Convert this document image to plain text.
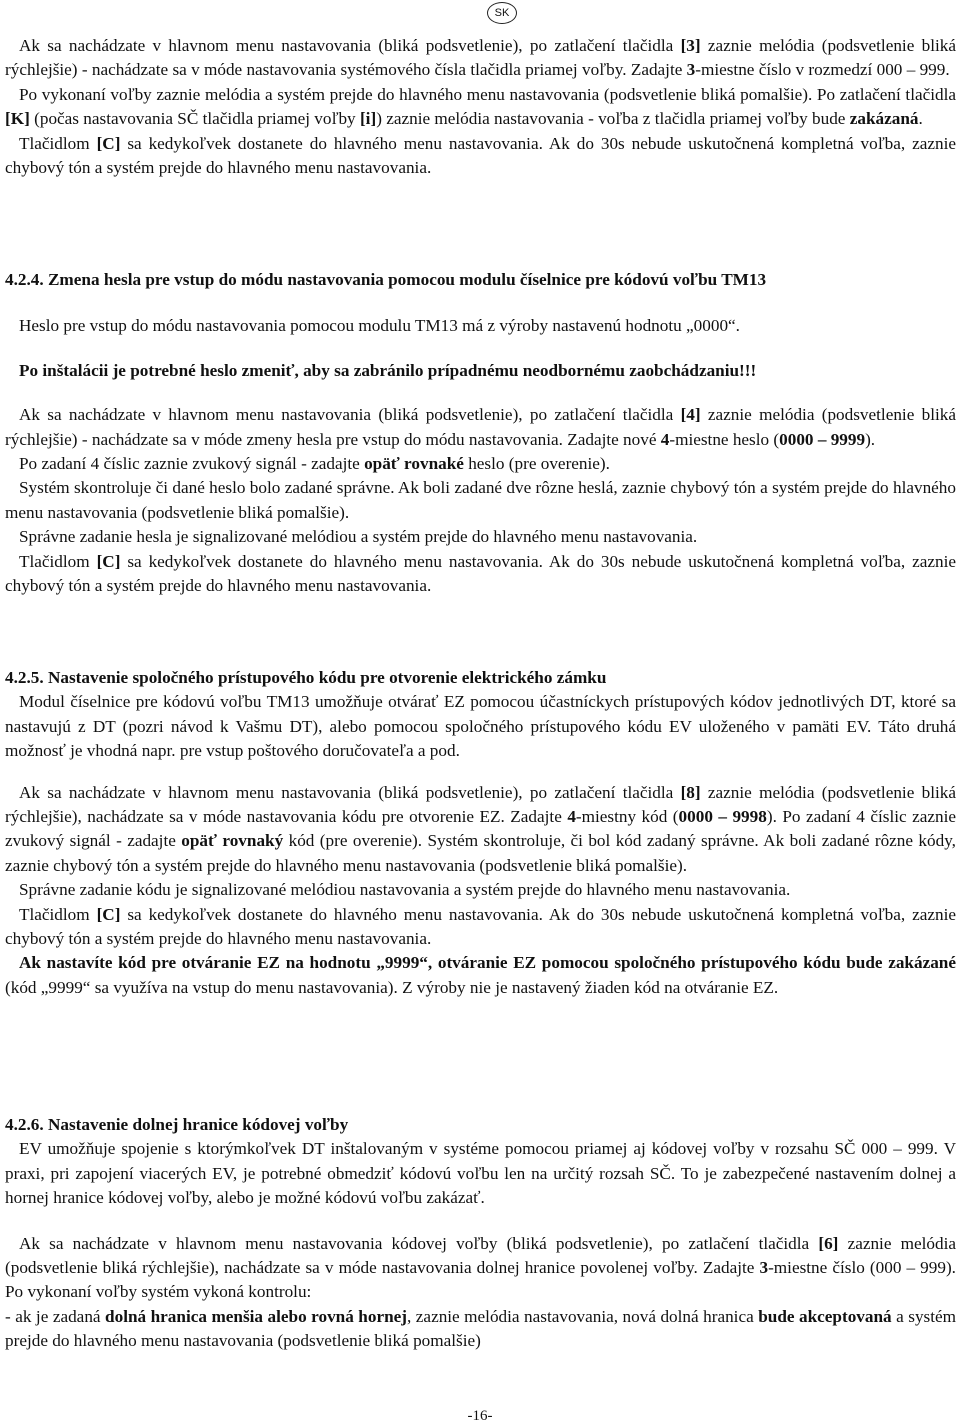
SK

Ak sa nachádzate v hlavnom menu nastavovania (bliká podsvetlenie), po zatlačení tlačidla [3] zaznie melódia (podsvetlenie bliká rýchlejšie) - nachádzate sa v móde nastavovania systémového čísla tlačidla priamej voľby. Zadajte 3-miestne číslo v rozmedzí 000 – 999.

Po vykonaní voľby zaznie melódia a systém prejde do hlavného menu nastavovania (podsvetlenie bliká pomalšie). Po zatlačení tlačidla [K] (počas nastavovania SČ tlačidla priamej voľby [i]) zaznie melódia nastavovania - voľba z tlačidla priamej voľby bude zakázaná.

Tlačidlom [C] sa kedykoľvek dostanete do hlavného menu nastavovania. Ak do 30s nebude uskutočnená kompletná voľba, zaznie chybový tón a systém prejde do hlavného menu nastavovania.

4.2.4. Zmena hesla pre vstup do módu nastavovania pomocou modulu číselnice pre kódovú voľbu TM13

Heslo pre vstup do módu nastavovania pomocou modulu TM13 má z výroby nastavenú hodnotu „0000“.

Po inštalácii je potrebné heslo zmeniť, aby sa zabránilo prípadnému neodbornému zaobchádzaniu!!!

Ak sa nachádzate v hlavnom menu nastavovania (bliká podsvetlenie), po zatlačení tlačidla [4] zaznie melódia (podsvetlenie bliká rýchlejšie) - nachádzate sa v móde zmeny hesla pre vstup do módu nastavovania. Zadajte nové 4-miestne heslo (0000 – 9999).

Po zadaní 4 číslic zaznie zvukový signál - zadajte opäť rovnaké heslo (pre overenie).

Systém skontroluje či dané heslo bolo zadané správne. Ak boli zadané dve rôzne heslá, zaznie chybový tón a systém prejde do hlavného menu nastavovania (podsvetlenie bliká pomalšie).

Správne zadanie hesla je signalizované melódiou a systém prejde do hlavného menu nastavovania.

Tlačidlom [C] sa kedykoľvek dostanete do hlavného menu nastavovania. Ak do 30s nebude uskutočnená kompletná voľba, zaznie chybový tón a systém prejde do hlavného menu nastavovania.

4.2.5. Nastavenie spoločného prístupového kódu pre otvorenie elektrického zámku

Modul číselnice pre kódovú voľbu TM13 umožňuje otvárať EZ pomocou účastníckych prístupových kódov jednotlivých DT, ktoré sa nastavujú z DT (pozri návod k Vašmu DT), alebo pomocou spoločného prístupového kódu EV uloženého v pamäti EV. Táto druhá možnosť je vhodná napr. pre vstup poštového doručovateľa a pod.

Ak sa nachádzate v hlavnom menu nastavovania (bliká podsvetlenie), po zatlačení tlačidla [8] zaznie melódia (podsvetlenie bliká rýchlejšie), nachádzate sa v móde nastavovania kódu pre otvorenie EZ. Zadajte 4-miestny kód (0000 – 9998). Po zadaní 4 číslic zaznie zvukový signál - zadajte opäť rovnaký kód (pre overenie). Systém skontroluje, či bol kód zadaný správne. Ak boli zadané rôzne kódy, zaznie chybový tón a systém prejde do hlavného menu nastavovania (podsvetlenie bliká pomalšie).

Správne zadanie kódu je signalizované melódiou nastavovania a systém prejde do hlavného menu nastavovania.

Tlačidlom [C] sa kedykoľvek dostanete do hlavného menu nastavovania. Ak do 30s nebude uskutočnená kompletná voľba, zaznie chybový tón a systém prejde do hlavného menu nastavovania.

Ak nastavíte kód pre otváranie EZ na hodnotu „9999“, otváranie EZ pomocou spoločného prístupového kódu bude zakázané (kód „9999“ sa využíva na vstup do menu nastavovania). Z výroby nie je nastavený žiaden kód na otváranie EZ.

4.2.6. Nastavenie dolnej hranice kódovej voľby

EV umožňuje spojenie s ktorýmkoľvek DT inštalovaným v systéme pomocou priamej aj kódovej voľby v rozsahu SČ 000 – 999. V praxi, pri zapojení viacerých EV, je potrebné obmedziť kódovú voľbu len na určitý rozsah SČ. To je zabezpečené nastavením dolnej a hornej hranice kódovej voľby, alebo je možné kódovú voľbu zakázať.

Ak sa nachádzate v hlavnom menu nastavovania kódovej voľby (bliká podsvetlenie), po zatlačení tlačidla [6] zaznie melódia (podsvetlenie bliká rýchlejšie), nachádzate sa v móde nastavovania dolnej hranice povolenej voľby. Zadajte 3-miestne číslo (000 – 999). Po vykonaní voľby systém vykoná kontrolu:

- ak je zadaná dolná hranica menšia alebo rovná hornej, zaznie melódia nastavovania, nová dolná hranica bude akceptovaná a systém prejde do hlavného menu nastavovania (podsvetlenie bliká pomalšie)

-16-
